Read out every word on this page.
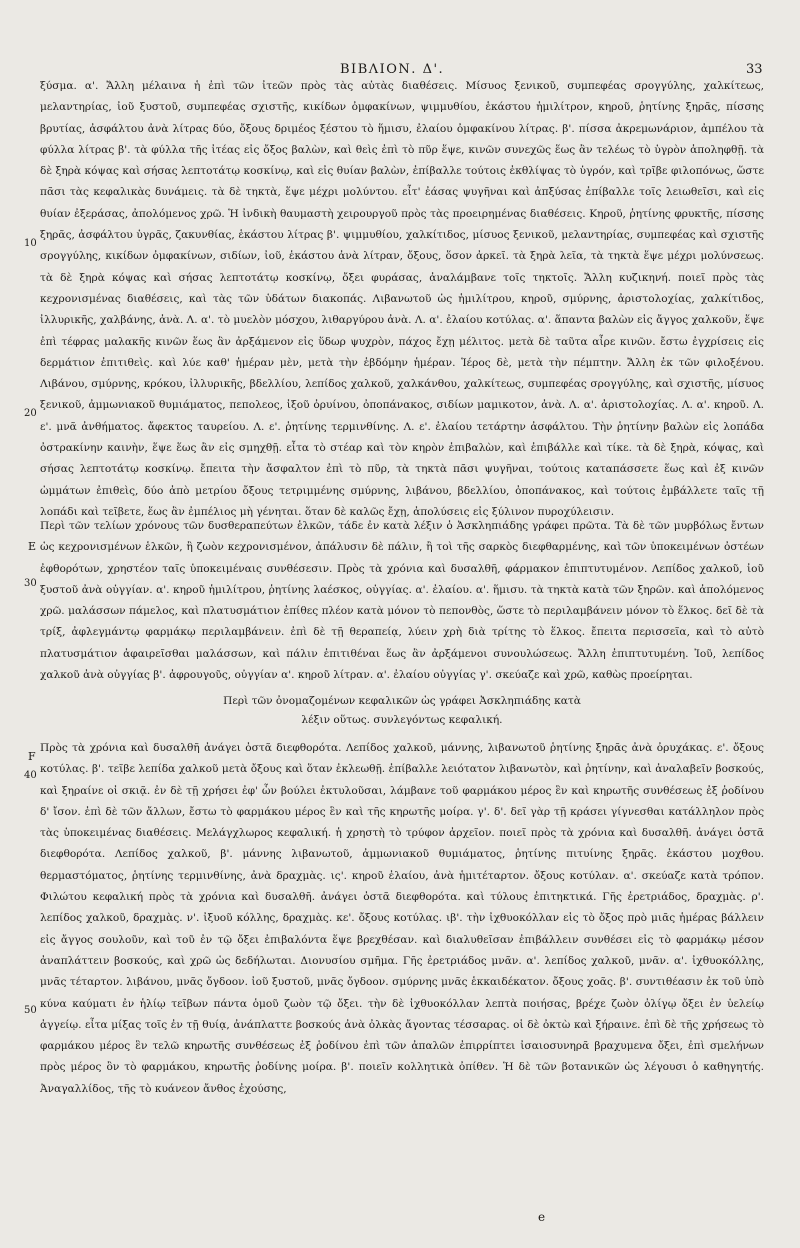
ΒΙΒΛΙΟΝ. Δ'.	33
10
20
E
30
F
40
50

ξύσμα. α'. Ἄλλη μέλαινα ἡ ἐπὶ τῶν ἰτεῶν πρὸς τὰς αὐτὰς διαθέσεις. Μίσυος ξενικοῦ, συμπεφέας σρογγύλης, χαλκίτεως, μελαντηρίας, ἰοῦ ξυστοῦ, συμπεφέας σχιστῆς, κικίδων ὀμφακίνων, ψιμμυθίου, ἑκάστου ἡμιλίτρον, κηροῦ, ῥητίνης ξηρᾶς, πίσσης βρυτίας, ἀσφάλτου ἀνὰ λίτρας δύο, ὄξους δριμέος ξέστου τὸ ἥμισυ, ἐλαίου ὀμφακίνου λίτρας. β'. πίσσα ἀκρεμωνάριον, ἀμπέλου τὰ φύλλα λίτρας β'. τὰ φύλλα τῆς ἰτέας εἰς ὄξος βαλὼν, καὶ θεὶς ἐπὶ τὸ πῦρ ἕψε, κινῶν συνεχῶς ἕως ἂν τελέως τὸ ὑγρὸν ἀποληφθῇ. τὰ δὲ ξηρὰ κόψας καὶ σήσας λεπτοτάτῳ κοσκίνῳ, καὶ εἰς θυίαν βαλὼν, ἐπίβαλλε τούτοις ἐκθλίψας τὸ ὑγρόν, καὶ τρῖβε φιλοπόνως, ὥστε πᾶσι τὰς κεφαλικὰς δυνάμεις. τὰ δὲ τηκτὰ, ἕψε μέχρι μολύντου. εἶτ' ἐάσας ψυγῆναι καὶ ἀπξύσας ἐπίβαλλε τοῖς λειωθεῖσι, καὶ εἰς θυίαν ἐξεράσας, ἀπολόμενος χρῶ. Ἡ ἰνδικὴ θαυμαστὴ χειρουργοῦ πρὸς τὰς προειρημένας διαθέσεις. Κηροῦ, ῥητίνης φρυκτῆς, πίσσης ξηρᾶς, ἀσφάλτου ὑγρᾶς, ζακυνθίας, ἑκάστου λίτρας β'. ψιμμυθίου, χαλκίτιδος, μίσυος ξενικοῦ, μελαντηρίας, συμπεφέας καὶ σχιστῆς σρογγύλης, κικίδων ὀμφακίνων, σιδίων, ἰοῦ, ἑκάστου ἀνὰ λίτραν, ὄξους, ὅσον ἀρκεῖ. τὰ ξηρὰ λεῖα, τὰ τηκτὰ ἕψε μέχρι μολύνσεως. τὰ δὲ ξηρὰ κόψας καὶ σήσας λεπτοτάτῳ κοσκίνῳ, ὄξει φυράσας, ἀναλάμβανε τοῖς τηκτοῖς. Ἄλλη κυζικηνή. ποιεῖ πρὸς τὰς κεχρονισμένας διαθέσεις, καὶ τὰς τῶν ὑδάτων διακοπάς. Λιβανωτοῦ ὡς ἡμιλίτρου, κηροῦ, σμύρνης, ἀριστολοχίας, χαλκίτιδος, ἰλλυρικῆς, χαλβάνης, ἀνὰ. Λ. α'. τὸ μυελὸν μόσχου, λιθαργύρου ἀνὰ. Λ. α'. ἐλαίου κοτύλας. α'. ἅπαντα βαλὼν εἰς ἄγγος χαλκοῦν, ἕψε ἐπὶ τέφρας μαλακῆς κινῶν ἕως ἂν ἀρξάμενον εἰς ὕδωρ ψυχρὸν, πάχος ἔχῃ μέλιτος. μετὰ δὲ ταῦτα αἶρε κινῶν. ἔστω ἐγχρίσεις εἰς δερμάτιον ἐπιτιθεὶς. καὶ λύε καθ' ἡμέραν μὲν, μετὰ τὴν ἑβδόμην ἡμέραν. Ἱέρος δὲ, μετὰ τὴν πέμπτην. Ἄλλη ἐκ τῶν φιλοξένου. Λιβάνου, σμύρνης, κρόκου, ἰλλυρικῆς, βδελλίου, λεπίδος χαλκοῦ, χαλκάνθου, χαλκίτεως, συμπεφέας σρογγύλης, καὶ σχιστῆς, μίσυος ξενικοῦ, ἀμμωνιακοῦ θυμιάματος, πεπολεος, ἰξοῦ ὀρυίνου, ὀποπάνακος, σιδίων μαμικοτον, ἀνὰ. Λ. α'. ἀριστολοχίας. Λ. α'. κηροῦ. Λ. ε'. μνᾶ ἀνθήματος. ἄφεκτος ταυρείου. Λ. ε'. ῥητίνης τερμινθίνης. Λ. ε'. ἐλαίου τετάρτην ἀσφάλτου. Τὴν ῥητίνην βαλὼν εἰς λοπάδα ὀστρακίνην καινὴν, ἕψε ἕως ἂν εἰς σμηχθῇ. εἶτα τὸ στέαρ καὶ τὸν κηρὸν ἐπιβαλὼν, καὶ ἐπιβάλλε καὶ τίκε. τὰ δὲ ξηρὰ, κόψας, καὶ σήσας λεπτοτάτῳ κοσκίνῳ. ἔπειτα τὴν ἄσφαλτον ἐπὶ τὸ πῦρ, τὰ τηκτὰ πᾶσι ψυγῆναι, τούτοις καταπάσσετε ἕως καὶ ἐξ κινῶν ὠμμάτων ἐπιθεὶς, δύο ἀπὸ μετρίου ὄξους τετριμμένης σμύρνης, λιβάνου, βδελλίου, ὀποπάνακος, καὶ τούτοις ἐμβάλλετε ταῖς τῇ λοπάδι καὶ τεῖβετε, ἕως ἂν ἐμπέλιος μὴ γένηται. ὅταν δὲ καλῶς ἔχῃ, ἀπολύσεις εἰς ξύλινον πυροχύλεισιν.

Περὶ τῶν τελίων χρόνους τῶν δυσθεραπεύτων ἑλκῶν, τάδε ἐν κατὰ λέξιν ὁ Ἀσκληπιάδης γράφει πρῶτα. Τὰ δὲ τῶν μυρβόλως ἔντων ὡς κεχρονισμένων ἑλκῶν, ἢ ζωὸν κεχρονισμένον, ἀπάλυσιν δὲ πάλιν, ἢ τοὶ τῆς σαρκὸς διεφθαρμένης, καὶ τῶν ὑποκειμένων ὀστέων ἐφθορότων, χρηστέον ταῖς ὑποκειμέναις συνθέσεσιν. Πρὸς τὰ χρόνια καὶ δυσαλθῆ, φάρμακον ἐπιπτυτυμένον. Λεπίδος χαλκοῦ, ἰοῦ ξυστοῦ ἀνὰ οὐγγίαν. α'. κηροῦ ἡμιλίτρου, ῥητίνης λαέσκος, οὐγγίας. α'. ἐλαίου. α'. ἥμισυ. τὰ τηκτὰ κατὰ τῶν ξηρῶν. καὶ ἀπολόμενος χρῶ. μαλάσσων πάμελος, καὶ πλατυσμάτιον ἐπίθες πλέον κατὰ μόνον τὸ πεπονθὸς, ὥστε τὸ περιλαμβάνειν μόνον τὸ ἕλκος. δεῖ δὲ τὰ τρίξ, ἀφλεγμάντῳ φαρμάκῳ περιλαμβάνειν. ἐπὶ δὲ τῇ θεραπείᾳ, λύειν χρὴ διὰ τρίτης τὸ ἕλκος. ἔπειτα περισσεῖα, καὶ τὸ αὐτὸ πλατυσμάτιον ἀφαιρεῖσθαι μαλάσσων, καὶ πάλιν ἐπιτιθέναι ἕως ἂν ἀρξάμενοι συνουλώσεως. Ἄλλη ἐπιπτυτυμένη. Ἰοῦ, λεπίδος χαλκοῦ ἀνὰ οὐγγίας β'. ἀφρουγοῦς, οὐγγίαν α'. κηροῦ λίτραν. α'. ἐλαίου οὐγγίας γ'. σκεύαζε καὶ χρῶ, καθὼς προείρηται.

Περὶ τῶν ὀνομαζομένων κεφαλικῶν ὡς γράφει Ἀσκληπιάδης κατὰ
λέξιν οὕτως. συνλεγόντως κεφαλική.

Πρὸς τὰ χρόνια καὶ δυσαλθῆ ἀνάγει ὀστᾶ διεφθορότα. Λεπίδος χαλκοῦ, μάννης, λιβανωτοῦ ῥητίνης ξηρᾶς ἀνὰ ὀρυχάκας. ε'. ὄξους κοτύλας. β'. τεῖβε λεπίδα χαλκοῦ μετὰ ὄξους καὶ ὅταν ἐκλεωθῇ. ἐπίβαλλε λειότατον λιβανωτὸν, καὶ ῥητίνην, καὶ ἀναλαβεῖν βοσκούς, καὶ ξηραίνε οἰ σκιᾷ. ἐν δὲ τῇ χρήσει ἐφ' ὧν βούλει ἐκτυλοῦσαι, λάμβανε τοῦ φαρμάκου μέρος ἓν καὶ κηρωτῆς συνθέσεως ἐξ ῥοδίνου δ' ἴσον. ἐπὶ δὲ τῶν ἄλλων, ἔστω τὸ φαρμάκου μέρος ἓν καὶ τῆς κηρωτῆς μοίρα. γ'. δ'. δεῖ γὰρ τῇ κράσει γίγνεσθαι κατάλληλον πρὸς τὰς ὑποκειμένας διαθέσεις. Μελάγχλωρος κεφαλική. ἡ χρηστὴ τὸ τρύφον ἀρχεῖον. ποιεῖ πρὸς τὰ χρόνια καὶ δυσαλθῆ. ἀνάγει ὀστᾶ διεφθορότα. Λεπίδος χαλκοῦ, β'. μάννης λιβανωτοῦ, ἀμμωνιακοῦ θυμιάματος, ῥητίνης πιτυίνης ξηρᾶς. ἑκάστου μοχθου. θερμαστόματος, ῥητίνης τερμινθίνης, ἀνὰ δραχμὰς. ις'. κηροῦ ἐλαίου, ἀνὰ ἡμιτέταρτον. ὄξους κοτύλαν. α'. σκεύαζε κατὰ τρόπον. Φιλώτου κεφαλική πρὸς τὰ χρόνια καὶ δυσαλθῆ. ἀνάγει ὀστᾶ διεφθορότα. καὶ τύλους ἐπιτηκτικά. Γῆς ἐρετριάδος, δραχμὰς. ρ'. λεπίδος χαλκοῦ, δραχμὰς. ν'. ἰξυοῦ κόλλης, δραχμὰς. κε'. ὄξους κοτύλας. ιβ'. τὴν ἰχθυοκόλλαν εἰς τὸ ὄξος πρὸ μιᾶς ἡμέρας βάλλειν εἰς ἄγγος σουλοῦν, καὶ τοῦ ἐν τῷ ὄξει ἐπιβαλόντα ἕψε βρεχθέσαν. καὶ διαλυθεῖσαν ἐπιβάλλειν συνθέσει εἰς τὸ φαρμάκῳ μέσον ἀναπλάττειν βοσκούς, καὶ χρῶ ὡς δεδήλωται. Διονυσίου σμῆμα. Γῆς ἐρετριάδος μνᾶν. α'. λεπίδος χαλκοῦ, μνᾶν. α'. ἰχθυοκόλλης, μνᾶς τέταρτον. λιβάνου, μνᾶς ὄγδοον. ἰοῦ ξυστοῦ, μνᾶς ὄγδοον. σμύρνης μνᾶς ἑκκαιδέκατον. ὄξους χοᾶς. β'. συντιθέασιν ἐκ τοῦ ὑπὸ κύνα καύματι ἐν ἡλίῳ τεῖβων πάντα ὁμοῦ ζωὸν τῷ ὄξει. τὴν δὲ ἰχθυοκόλλαν λεπτὰ ποιήσας, βρέχε ζωὸν ὀλίγῳ ὄξει ἐν ὑελείῳ ἀγγείῳ. εἶτα μίξας τοῖς ἐν τῇ θυίᾳ, ἀνάπλαττε βοσκούς ἀνὰ ὀλκὰς ἄγοντας τέσσαρας. οἱ δὲ ὀκτὼ καὶ ξήραινε. ἐπὶ δὲ τῆς χρήσεως τὸ φαρμάκου μέρος ἓν τελῶ κηρωτῆς συνθέσεως ἐξ ῥοδίνου ἐπὶ τῶν ἀπαλῶν ἐπιρρίπτει ἰσαιοσυνηρᾶ βραχυμενα ὄξει, ἐπὶ σμελήνων πρὸς μέρος ὂν τὸ φαρμάκου, κηρωτῆς ῥοδίνης μοίρα. β'. ποιεῖν κολλητικὰ ὀπίθεν. Ἡ δὲ τῶν βοτανικῶν ὡς λέγουσι ὁ καθηγητής. Ἀναγαλλίδος, τῆς τὸ κυάνεον ἄνθος ἐχούσης,

e
